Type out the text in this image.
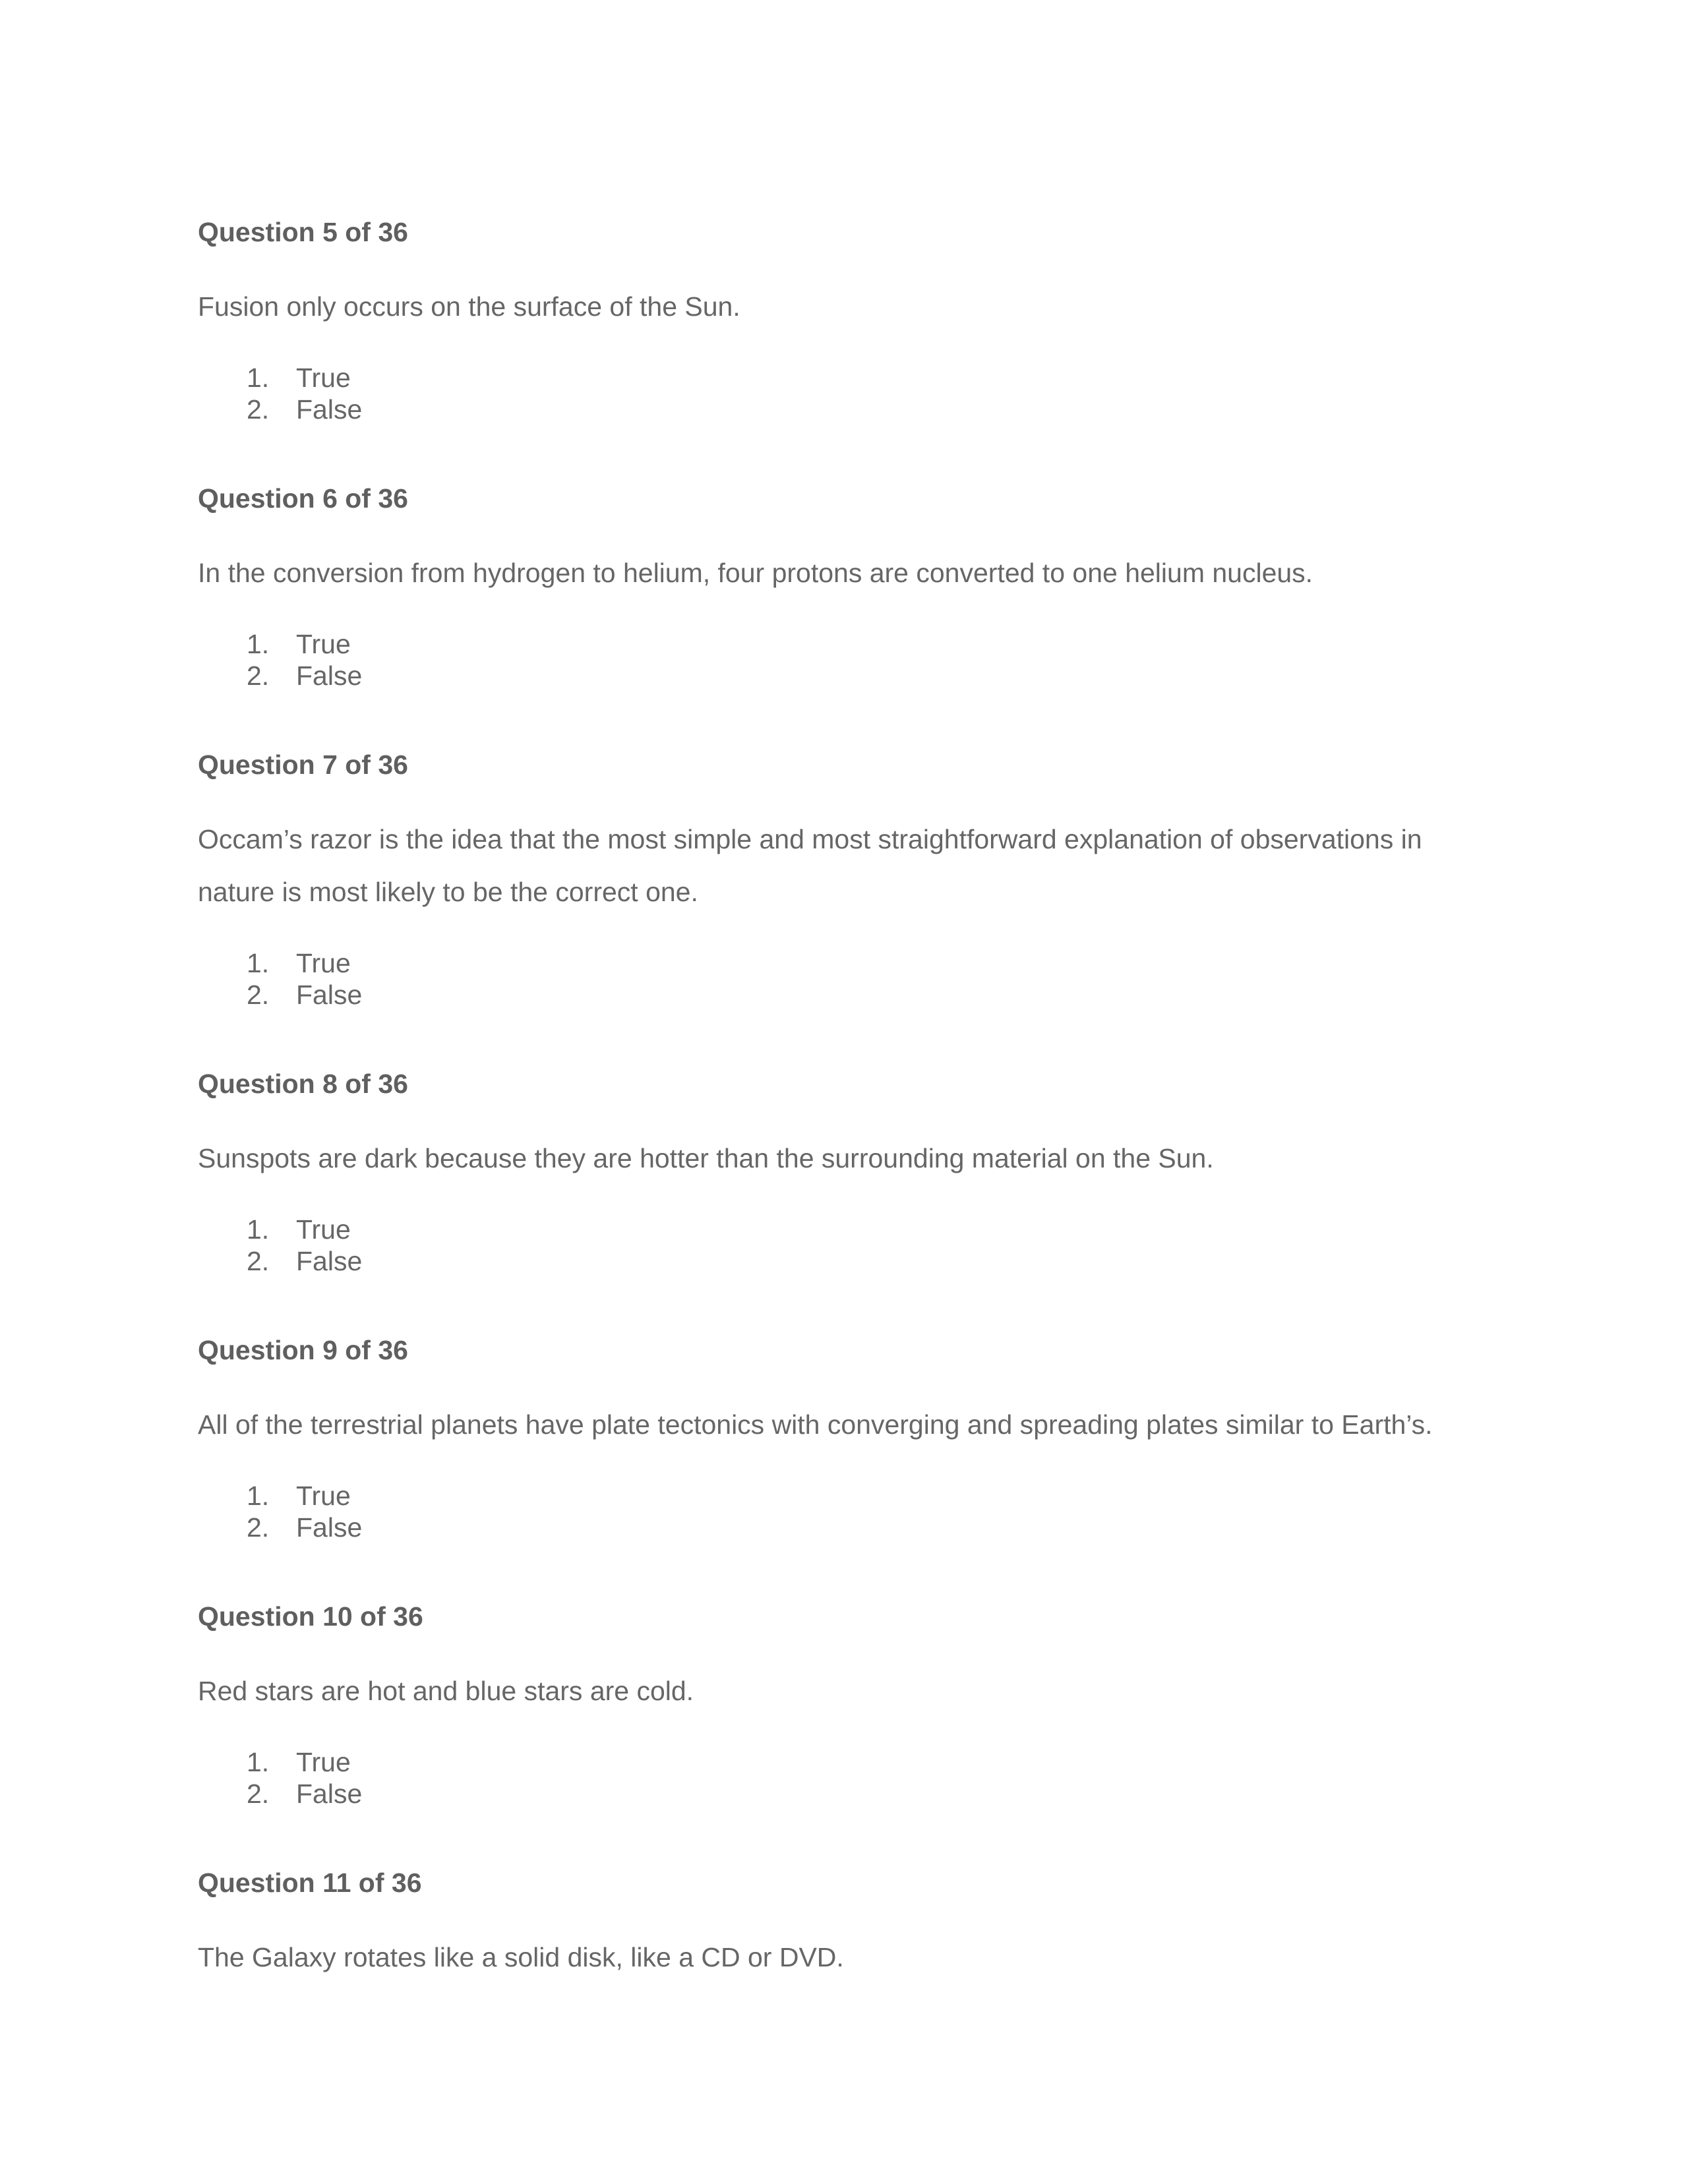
Question 5 of 36

Fusion only occurs on the surface of the Sun.

1. True
2. False
Question 6 of 36

In the conversion from hydrogen to helium, four protons are converted to one helium nucleus.

1. True
2. False
Question 7 of 36

Occam’s razor is the idea that the most simple and most straightforward explanation of observations in nature is most likely to be the correct one.

1. True
2. False
Question 8 of 36

Sunspots are dark because they are hotter than the surrounding material on the Sun.

1. True
2. False
Question 9 of 36

All of the terrestrial planets have plate tectonics with converging and spreading plates similar to Earth’s.

1. True
2. False
Question 10 of 36

Red stars are hot and blue stars are cold.

1. True
2. False
Question 11 of 36

The Galaxy rotates like a solid disk, like a CD or DVD.
